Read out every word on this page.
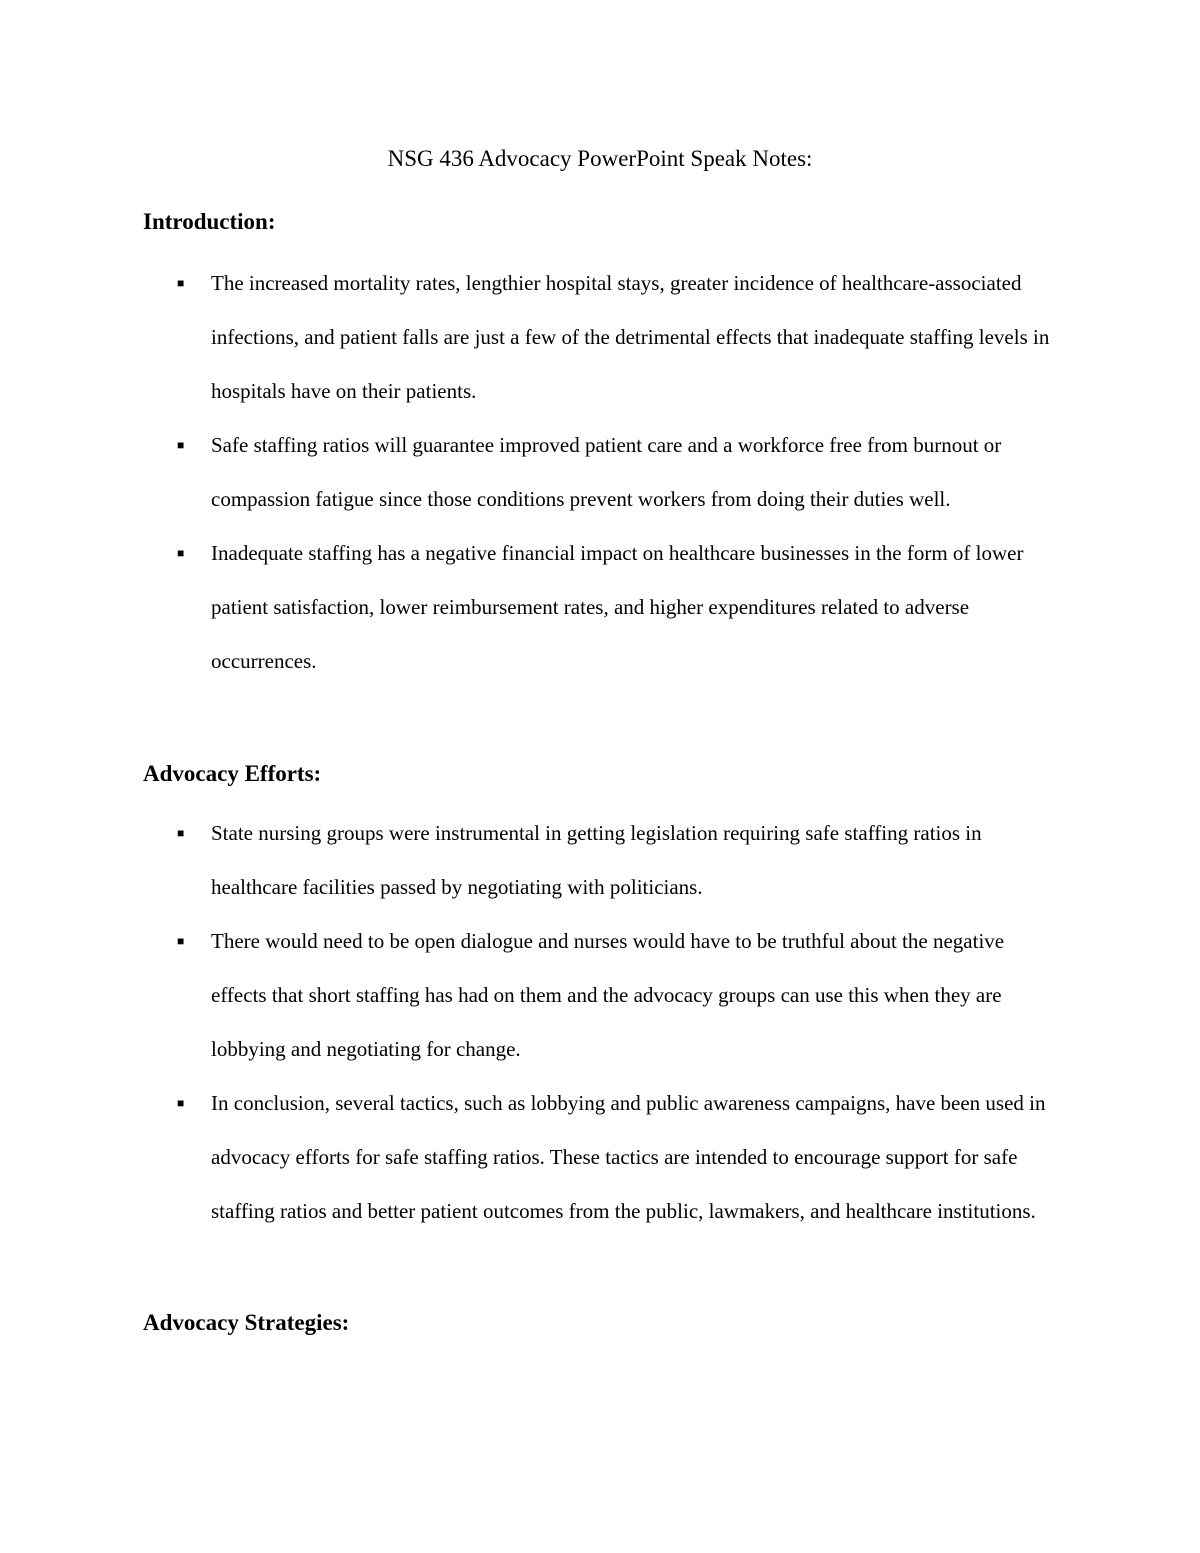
NSG 436 Advocacy PowerPoint Speak Notes:
Introduction:
■ The increased mortality rates, lengthier hospital stays, greater incidence of healthcare-associated infections, and patient falls are just a few of the detrimental effects that inadequate staffing levels in hospitals have on their patients.
■ Safe staffing ratios will guarantee improved patient care and a workforce free from burnout or compassion fatigue since those conditions prevent workers from doing their duties well.
■ Inadequate staffing has a negative financial impact on healthcare businesses in the form of lower patient satisfaction, lower reimbursement rates, and higher expenditures related to adverse occurrences.
Advocacy Efforts:
■ State nursing groups were instrumental in getting legislation requiring safe staffing ratios in healthcare facilities passed by negotiating with politicians.
■ There would need to be open dialogue and nurses would have to be truthful about the negative effects that short staffing has had on them and the advocacy groups can use this when they are lobbying and negotiating for change.
■ In conclusion, several tactics, such as lobbying and public awareness campaigns, have been used in advocacy efforts for safe staffing ratios. These tactics are intended to encourage support for safe staffing ratios and better patient outcomes from the public, lawmakers, and healthcare institutions.
Advocacy Strategies:
